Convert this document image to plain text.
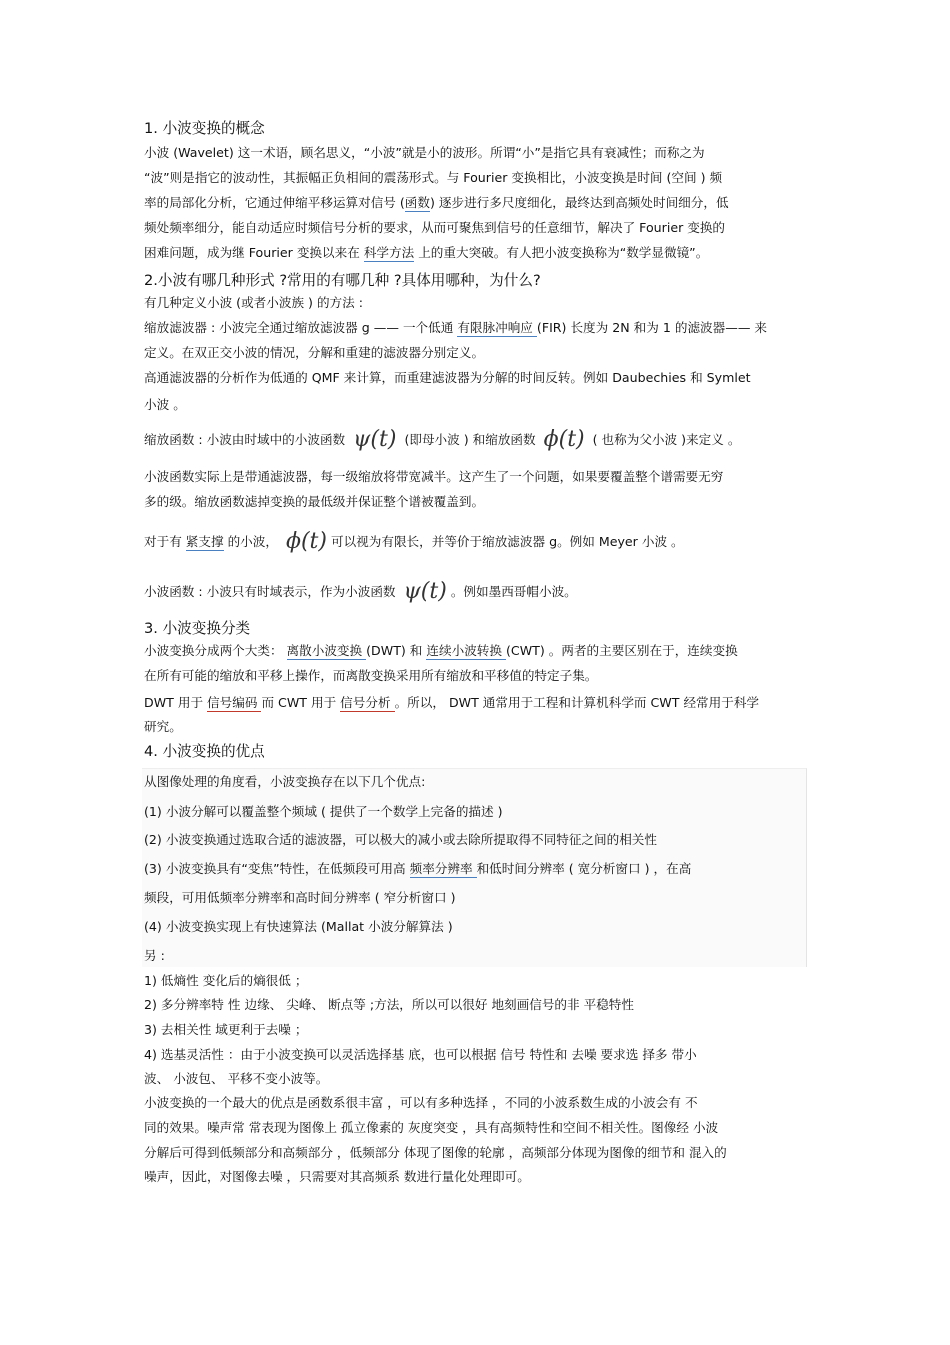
1. 小波变换的概念
小波 (Wavelet) 这一术语，顾名思义，“小波”就是小的波形。所谓“小”是指它具有衰减性；而称之为
“波”则是指它的波动性，其振幅正负相间的震荡形式。与 Fourier 变换相比，小波变换是时间 (空间 ) 频
率的局部化分析，它通过伸缩平移运算对信号 (函数) 逐步进行多尺度细化，最终达到高频处时间细分，低
频处频率细分，能自动适应时频信号分析的要求，从而可聚焦到信号的任意细节，解决了 Fourier 变换的
困难问题，成为继 Fourier 变换以来在 科学方法 上的重大突破。有人把小波变换称为“数学显微镜”。
2.小波有哪几种形式 ?常用的有哪几种 ?具体用哪种，为什么?
有几种定义小波 (或者小波族 ) 的方法 :
缩放滤波器 : 小波完全通过缩放滤波器 g —— 一个低通 有限脉冲响应 (FIR) 长度为 2N 和为 1 的滤波器—— 来
定义。在双正交小波的情况，分解和重建的滤波器分别定义。
高通滤波器的分析作为低通的 QMF 来计算，而重建滤波器为分解的时间反转。例如 Daubechies 和 Symlet
小波 。
缩放函数 : 小波由时域中的小波函数 ψ(t) (即母小波 ) 和缩放函数 ϕ(t) ( 也称为父小波 )来定义 。
小波函数实际上是带通滤波器，每一级缩放将带宽减半。这产生了一个问题，如果要覆盖整个谱需要无穷
多的级。缩放函数滤掉变换的最低级并保证整个谱被覆盖到。
对于有 紧支撑 的小波， ϕ(t) 可以视为有限长，并等价于缩放滤波器 g。例如 Meyer 小波 。
小波函数 : 小波只有时域表示，作为小波函数 ψ(t) 。例如墨西哥帽小波。
3. 小波变换分类
小波变换分成两个大类： 离散小波变换 (DWT) 和 连续小波转换 (CWT) 。两者的主要区别在于，连续变换
在所有可能的缩放和平移上操作，而离散变换采用所有缩放和平移值的特定子集。
DWT 用于 信号编码 而 CWT 用于 信号分析 。所以， DWT 通常用于工程和计算机科学而 CWT 经常用于科学
研究。
4. 小波变换的优点
从图像处理的角度看，小波变换存在以下几个优点:
(1) 小波分解可以覆盖整个频域 ( 提供了一个数学上完备的描述 )
(2) 小波变换通过选取合适的滤波器，可以极大的减小或去除所提取得不同特征之间的相关性
(3) 小波变换具有“变焦”特性，在低频段可用高 频率分辨率 和低时间分辨率 ( 宽分析窗口 ) ，在高
频段，可用低频率分辨率和高时间分辨率 ( 窄分析窗口 )
(4) 小波变换实现上有快速算法 (Mallat 小波分解算法 )
另 :
1) 低熵性 变化后的熵很低 ；
2) 多分辨率特 性 边缘、 尖峰、 断点等 ;方法，所以可以很好 地刻画信号的非 平稳特性
3) 去相关性 域更利于去噪 ；
4) 选基灵活性 ：由于小波变换可以灵活选择基 底，也可以根据 信号 特性和 去噪 要求选 择多 带小
波、 小波包、 平移不变小波等。
小波变换的一个最大的优点是函数系很丰富 ，可以有多种选择 ，不同的小波系数生成的小波会有 不
同的效果。噪声常 常表现为图像上 孤立像素的 灰度突变 ，具有高频特性和空间不相关性。图像经 小波
分解后可得到低频部分和高频部分 ，低频部分 体现了图像的轮廓 ，高频部分体现为图像的细节和 混入的
噪声，因此，对图像去噪 ，只需要对其高频系 数进行量化处理即可。
